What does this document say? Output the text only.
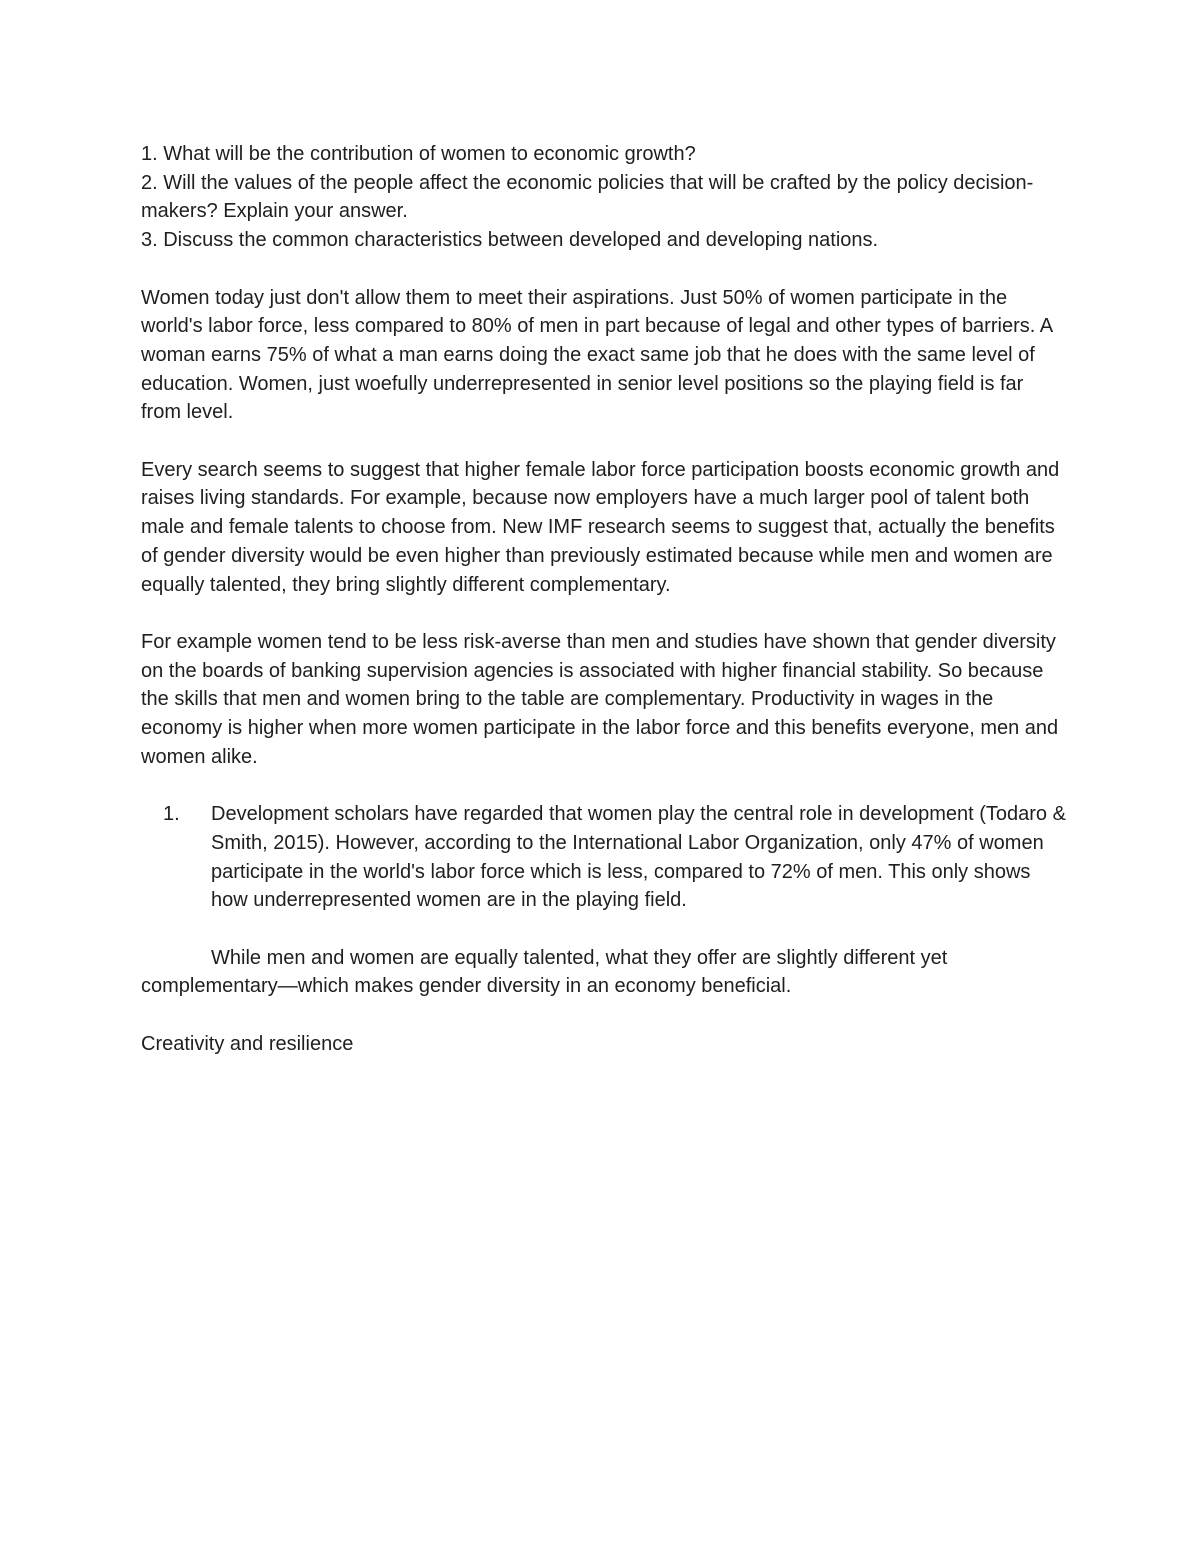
1. What will be the contribution of women to economic growth?

2. Will the values of the people affect the economic policies that will be crafted by the policy decision-makers? Explain your answer.

3. Discuss the common characteristics between developed and developing nations.

Women today just don't allow them to meet their aspirations. Just 50% of women participate in the world's labor force, less compared to 80% of men in part because of legal and other types of barriers. A woman earns 75% of what a man earns doing the exact same job that he does with the same level of education. Women, just woefully underrepresented in senior level positions so the playing field is far from level.

Every search seems to suggest that higher female labor force participation boosts economic growth and raises living standards. For example, because now employers have a much larger pool of talent both male and female talents to choose from. New IMF research seems to suggest that, actually the benefits of gender diversity would be even higher than previously estimated because while men and women are equally talented, they bring slightly different complementary.

For example women tend to be less risk-averse than men and studies have shown that gender diversity on the boards of banking supervision agencies is associated with higher financial stability. So because the skills that men and women bring to the table are complementary. Productivity in wages in the economy is higher when more women participate in the labor force and this benefits everyone, men and women alike.

1. Development scholars have regarded that women play the central role in development (Todaro & Smith, 2015). However, according to the International Labor Organization, only 47% of women participate in the world's labor force which is less, compared to 72% of men. This only shows how underrepresented women are in the playing field.

While men and women are equally talented, what they offer are slightly different yet complementary—which makes gender diversity in an economy beneficial.

Creativity and resilience
